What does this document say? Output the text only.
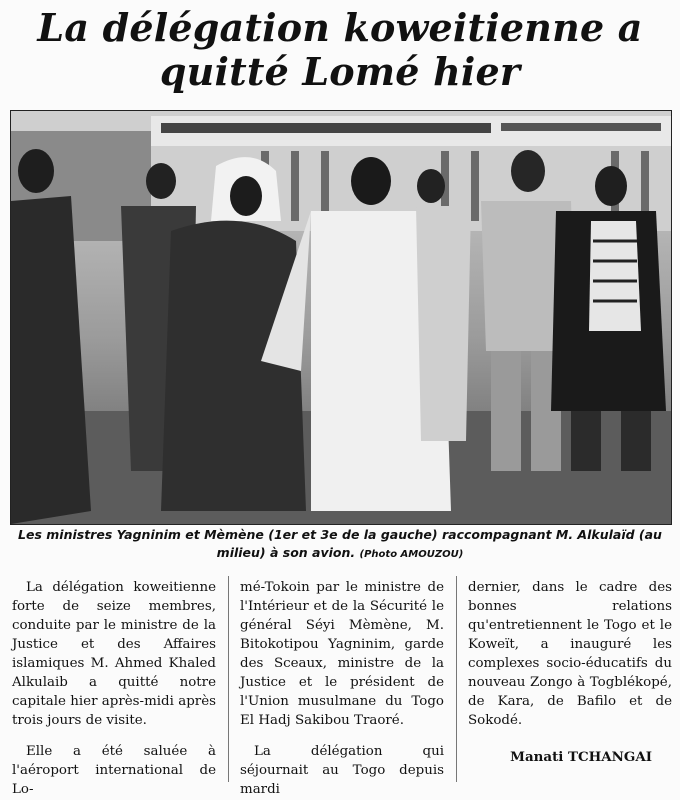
La délégation koweitienne a quitté Lomé hier
Les ministres Yagninim et Mèmène (1er et 3e de la gauche) raccompagnant M. Alkulaïd (au milieu) à son avion. (Photo AMOUZOU)

La délégation koweitienne forte de seize membres, conduite par le ministre de la Justice et des Affaires islamiques M. Ahmed Khaled Alkulaib a quitté notre capitale hier après-midi après trois jours de visite.

Elle a été saluée à l'aéroport international de Lo-

mé-Tokoin par le ministre de l'Intérieur et de la Sécurité le général Séyi Mèmène, M. Bitokotipou Yagninim, garde des Sceaux, ministre de la Justice et le président de l'Union musulmane du Togo El Hadj Sakibou Traoré.

La délégation qui séjournait au Togo depuis mardi

dernier, dans le cadre des bonnes relations qu'entretiennent le Togo et le Koweït, a inauguré les complexes socio-éducatifs du nouveau Zongo à Togblékopé, de Kara, de Bafilo et de Sokodé.

Manati TCHANGAI
